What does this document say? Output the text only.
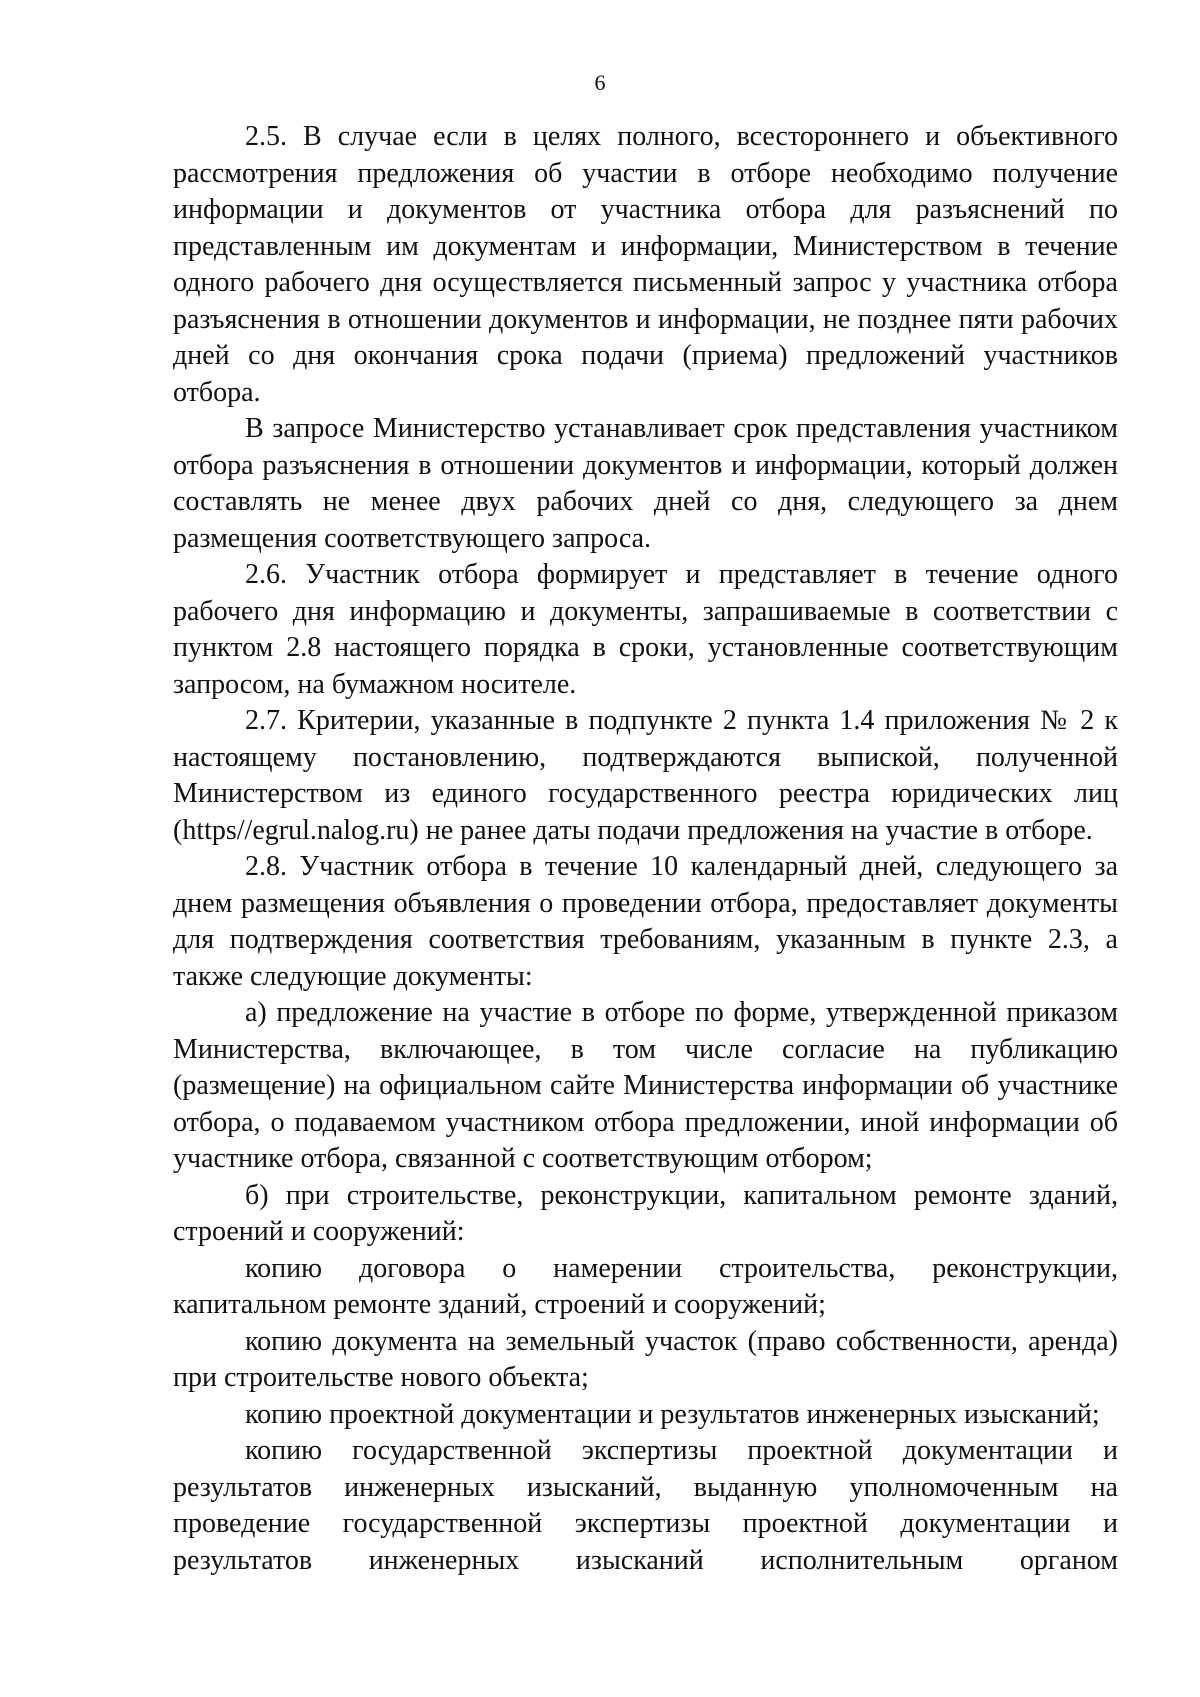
6

2.5. В случае если в целях полного, всестороннего и объективного рассмотрения предложения об участии в отборе необходимо получение информации и документов от участника отбора для разъяснений по представленным им документам и информации, Министерством в течение одного рабочего дня осуществляется письменный запрос у участника отбора разъяснения в отношении документов и информации, не позднее пяти рабочих дней со дня окончания срока подачи (приема) предложений участников отбора.

В запросе Министерство устанавливает срок представления участником отбора разъяснения в отношении документов и информации, который должен составлять не менее двух рабочих дней со дня, следующего за днем размещения соответствующего запроса.

2.6. Участник отбора формирует и представляет в течение одного рабочего дня информацию и документы, запрашиваемые в соответствии с пунктом 2.8 настоящего порядка в сроки, установленные соответствующим запросом, на бумажном носителе.

2.7. Критерии, указанные в подпункте 2 пункта 1.4 приложения № 2 к настоящему постановлению, подтверждаются выпиской, полученной Министерством из единого государственного реестра юридических лиц (https//egrul.nalog.ru) не ранее даты подачи предложения на участие в отборе.

2.8. Участник отбора в течение 10 календарный дней, следующего за днем размещения объявления о проведении отбора, предоставляет документы для подтверждения соответствия требованиям, указанным в пункте 2.3, а также следующие документы:

а) предложение на участие в отборе по форме, утвержденной приказом Министерства, включающее, в том числе согласие на публикацию (размещение) на официальном сайте Министерства информации об участнике отбора, о подаваемом участником отбора предложении, иной информации об участнике отбора, связанной с соответствующим отбором;

б) при строительстве, реконструкции, капитальном ремонте зданий, строений и сооружений:

копию договора о намерении строительства, реконструкции, капитальном ремонте зданий, строений и сооружений;

копию документа на земельный участок (право собственности, аренда) при строительстве нового объекта;

копию проектной документации и результатов инженерных изысканий;

копию государственной экспертизы проектной документации и результатов инженерных изысканий, выданную уполномоченным на проведение государственной экспертизы проектной документации и результатов инженерных изысканий исполнительным органом
